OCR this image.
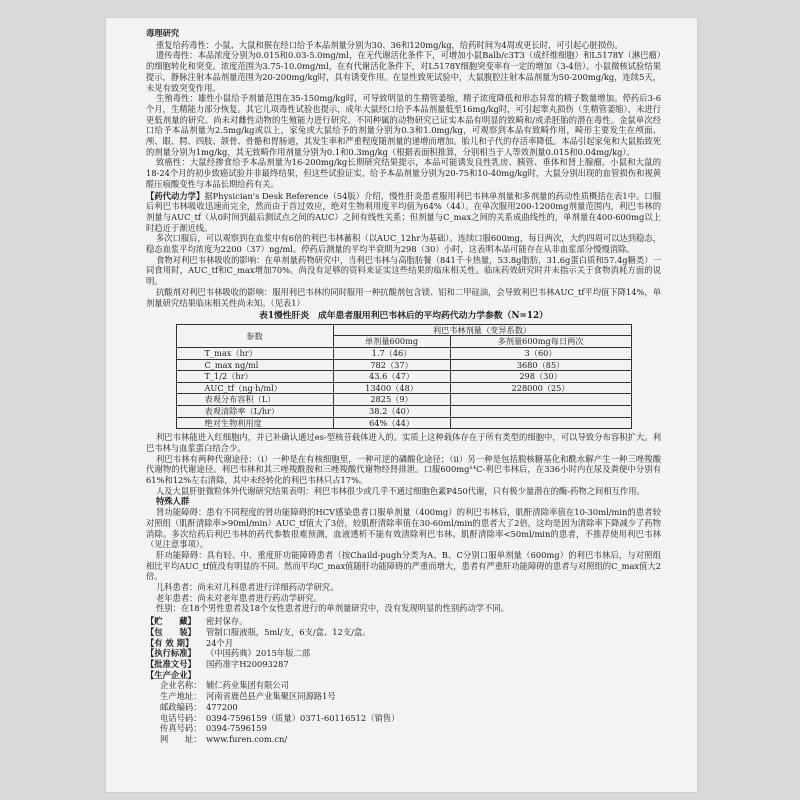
毒理研究

重复给药毒性：小鼠、大鼠和猴在经口给予本品剂量分别为30、36和120mg/kg，给药时间为4周或更长时，可引起心脏损伤。

遗传毒性：本品浓度分别为0.015和0.03-5.0mg/ml，在无代谢活化条件下，可增加小鼠Balb/c3T3（成纤维细胞）和L5178Y（淋巴瘤）的细胞转化和突变。浓度范围为3.75-10.0mg/ml，在有代谢活化条件下，对L5178Y细胞突变率有一定的增加（3-4倍）。小鼠微核试验结果提示，静脉注射本品剂量范围为20-200mg/kg时，具有诱变作用。在显性致死试验中，大鼠腹腔注射本品剂量为50-200mg/kg，连续5天，未见有致突变作用。

生殖毒性：雄性小鼠给予剂量范围在35-150mg/kg时，可导致明显的生精管萎缩，精子浓度降低和形态异常的精子数量增加。停药后3-6个月，生精能力部分恢复。其它儿项毒性试验也提示，成年大鼠经口给予本品剂量低至16mg/kg时，可引起睾丸损伤（生精管萎缩），未进行更低剂量的研究。尚未对雌性动物的生殖能力进行研究。不同种属的动物研究已证实本品有明显的致畸和/或杀胚胎的潜在毒性。金鼠单次经口给予本品剂量为2.5mg/kg或以上，家兔或大鼠给予的剂量分别为0.3和1.0mg/kg，可观察到本品有致畸作用，畸形主要发生在颅面、颅、眼、腭、四肢、颌骨、骨骼和胃肠道，其发生率和严重程度随剂量的递增而增加。胎儿和子代的存活率降低。本品引起家兔和大鼠胎致死的剂量分别为1mg/kg，其无致畸作用剂量分别为0.1和0.3mg/kg（根据表面积推算，分别相当于人等效剂量0.015和0.04mg/kg）。

致癌性：大鼠经掺食给予本品剂量为16-200mg/kg长期研究结果提示，本品可能诱发良性乳房、胰管、垂体和肾上腺瘤。小鼠和大鼠的18-24个月的初步致癌试验并非最终结果，但这些试验证实，给予本品剂量分别为20-75和10-40mg/kg时，大鼠分别出现的血管损伤和视黄醛压痕酸变性与本品长期给药有关。

【药代动力学】据Physician's Desk Reference（54版）介绍，慢性肝炎患者服用利巴韦林单剂量和多剂量的药动性质概括在表1中。口服后利巴韦林吸收迅速而完全，然而由于首过效应，绝对生物利用度平均值为64%（44）。在单次服用200-1200mg剂量范围内，利巴韦林的剂量与AUC_tf（从0时间到最后测试点之间的AUC）之间有线性关系；但剂量与C_max之间的关系成曲线性的，单剂量在400-600mg以上时趋近于渐近线。

多次口服后，可以观察到在血浆中有6倍的利巴韦林蓄积（以AUC_12hr为基础）。连续口服600mg，每日两次，大约四周可以达到稳态，稳态血浆平均浓度为2200（37）ng/ml。停药后测量的平均半衰期为298（30）小时，这表明本品可能存在从非血浆部分慢慢消除。

食物对利巴韦林吸收的影响：在单剂量药物研究中，当利巴韦林与高脂肪餐（841千卡热量，53.8g脂肪，31.6g蛋白质和57.4g糖类）一同食用时，AUC_tf和C_max增加70%。尚没有足够的资料来证实这些结果的临床相关性。临床药效研究时并未指示关于食物消耗方面的说明。

抗酸剂对利巴韦林吸收的影响：服用利巴韦林的同时服用一种抗酸剂包含镁、铝和二甲硅油，会导致利巴韦林AUC_tf平均值下降14%，单剂量研究结果临床相关性尚未知。（见表1）

表1慢性肝炎　成年患者服用利巴韦林后的平均药代动力学参数（N=12）
参数	利巴韦林剂量（变异系数）	
	单剂量600mg	多剂量600mg每日两次
T_max（hr）	1.7（46）	3（60）
C_max ng/ml	782（37）	3680（85）
T_1/2（hr）	43.6（47）	298（30）
AUC_tf（ng·h/ml）	13400（48）	228000（25）
表观分布容积（L）	2825（9）	
表观清除率（L/hr）	38.2（40）	
绝对生物利用度	64%（44）	

利巴韦林能进入红细胞内，并已补确认通过es-型核苷载体进入的。实质上这种载体存在于所有类型的细胞中，可以导致分布容积扩大。利巴韦林与血浆蛋白结合少。

利巴韦林有两种代谢途径：（i）一种是在有核细胞里，一种可逆的磷酸化途径；（ii）另一种是包括脱核糖基化和酰水解产生一种三唑羧酸代谢物的代谢途径。利巴韦林和其三唑羧酰胺和三唑羧酸代谢物经肾排泄。口服600mg¹⁴C-利巴韦林后，在336小时内在尿及粪便中分别有61%和12%左右清除，其中未经转化的利巴韦林只占17%。

人及大鼠肝脏微粒体外代谢研究结果表明：利巴韦林很少或几乎不通过细胞色素P450代谢，只有极少量潜在的酶-药物之间相互作用。

特殊人群

肾功能障碍：患有不同程度的肾功能障碍的HCV感染患者口服单剂量（400mg）的利巴韦林后，肌酐清除率值在10-30ml/min的患者较对照组（肌酐清除率>90ml/min）AUC_tf值大了3倍，较肌酐清除率值在30-60ml/min的患者大了2倍，这均是因为清除率下降减少了药物消除。多次给药后利巴韦林的药代参数很难预测，血液透析不能有效清除利巴韦林。肌酐清除率<50ml/min的患者，不推荐使用利巴韦林（见注意事项）。

肝功能障碍：具有轻、中、重度肝功能障碍患者（按Chaild-pugh分类为A、B、C分别口服单剂量（600mg）的利巴韦林后，与对照组相比平均AUC_tf值没有明显的不同。然而平均C_max值随肝功能障碍的严重而增大，患者有严重肝功能障碍的患者与对照组的C_max值大2倍。

儿科患者：尚未对儿科患者进行详细药动学研究。

老年患者：尚未对老年患者进行药动学研究。

性别：在18个男性患者及18个女性患者进行的单剂量研究中，没有发现明显的性别药动学不同。

【贮　　藏】	密封保存。
【包　　装】	管制口服液瓶，5ml/支，6支/盒、12支/盒。
【有 效 期】	24个月
【执行标准】	《中国药典》2015年版二部
【批准文号】	国药准字H20093287
【生产企业】
企业名称： 辅仁药业集团有限公司
生产地址： 河南省鹿邑县产业集聚区同源路1号
邮政编码： 477200
电话号码： 0394-7596159（质量）0371-60116512（销售）
传真号码： 0394-7596159
网　　址： www.furen.com.cn/
